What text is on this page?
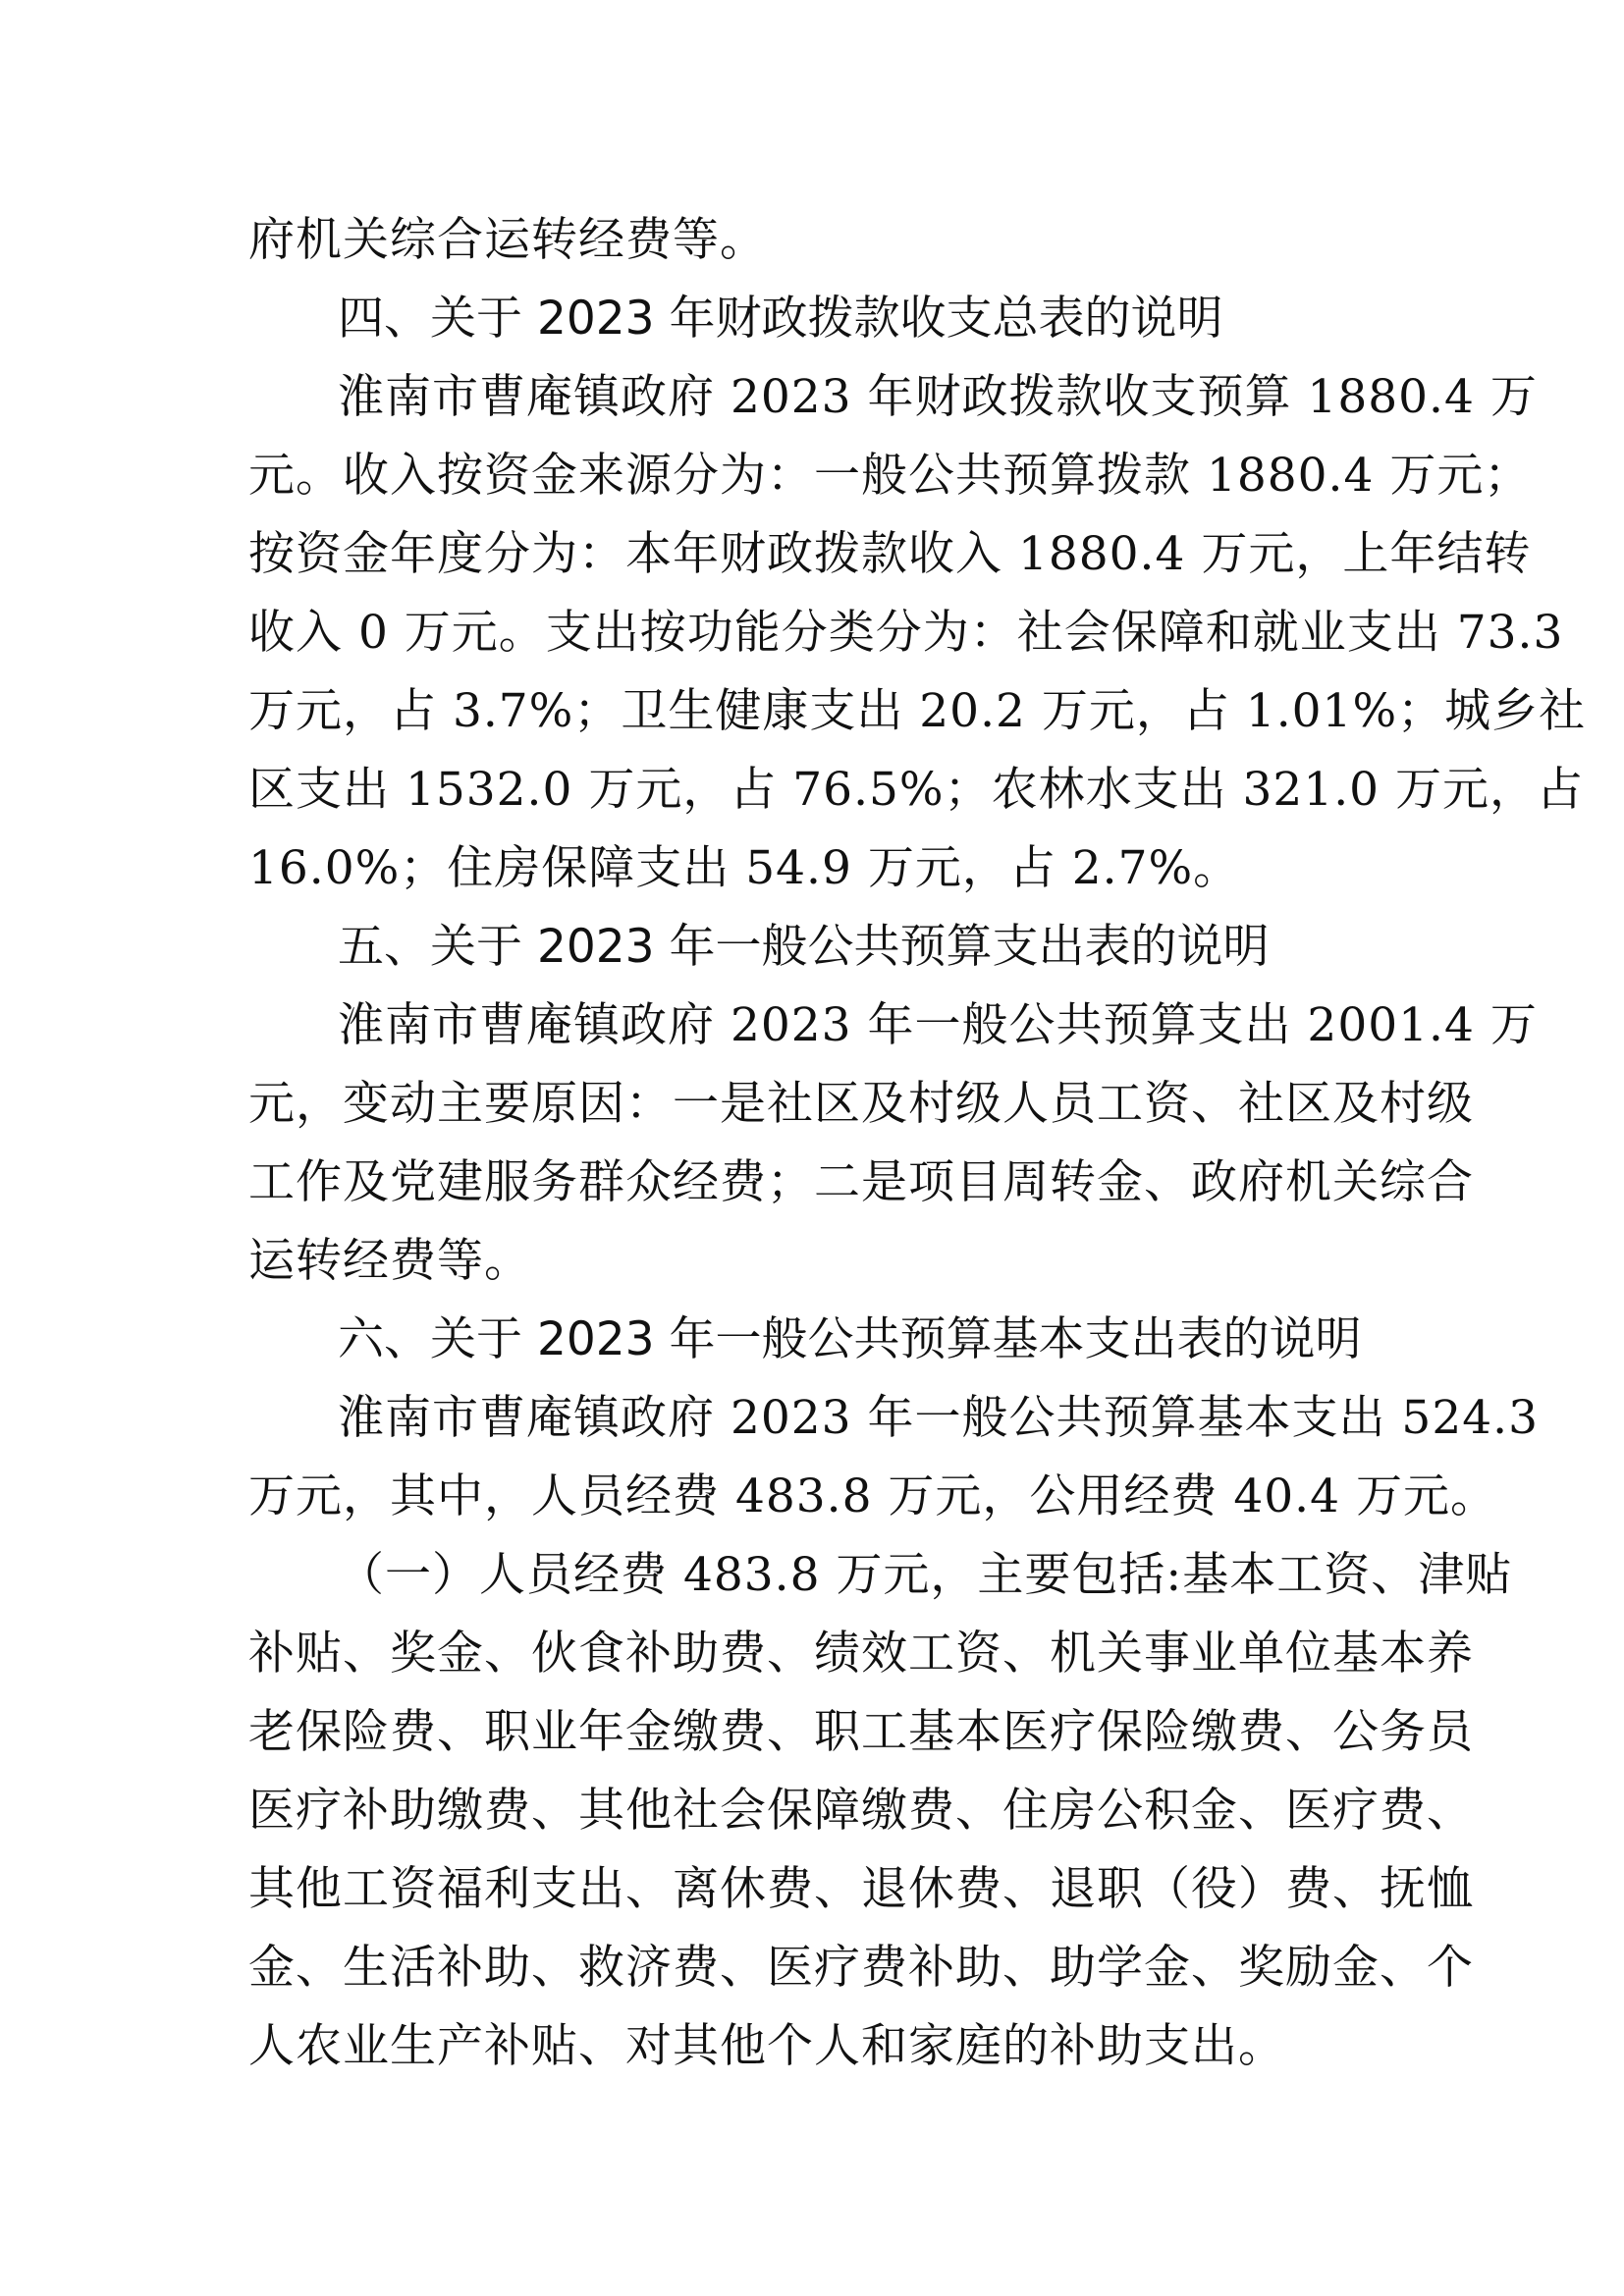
府机关综合运转经费等。
四、关于 2023 年财政拨款收支总表的说明
淮南市曹庵镇政府 2023 年财政拨款收支预算 1880.4 万
元。收入按资金来源分为：一般公共预算拨款 1880.4 万元；
按资金年度分为：本年财政拨款收入 1880.4 万元，上年结转
收入 0 万元。支出按功能分类分为：社会保障和就业支出 73.3
万元，占 3.7%；卫生健康支出 20.2 万元，占 1.01%；城乡社
区支出 1532.0 万元，占 76.5%；农林水支出 321.0 万元，占
16.0%；住房保障支出 54.9 万元，占 2.7%。
五、关于 2023 年一般公共预算支出表的说明
淮南市曹庵镇政府 2023 年一般公共预算支出 2001.4 万
元，变动主要原因：一是社区及村级人员工资、社区及村级
工作及党建服务群众经费；二是项目周转金、政府机关综合
运转经费等。
六、关于 2023 年一般公共预算基本支出表的说明
淮南市曹庵镇政府 2023 年一般公共预算基本支出 524.3
万元，其中，人员经费 483.8 万元，公用经费 40.4 万元。
（一）人员经费 483.8 万元，主要包括:基本工资、津贴
补贴、奖金、伙食补助费、绩效工资、机关事业单位基本养
老保险费、职业年金缴费、职工基本医疗保险缴费、公务员
医疗补助缴费、其他社会保障缴费、住房公积金、医疗费、
其他工资福利支出、离休费、退休费、退职（役）费、抚恤
金、生活补助、救济费、医疗费补助、助学金、奖励金、个
人农业生产补贴、对其他个人和家庭的补助支出。
